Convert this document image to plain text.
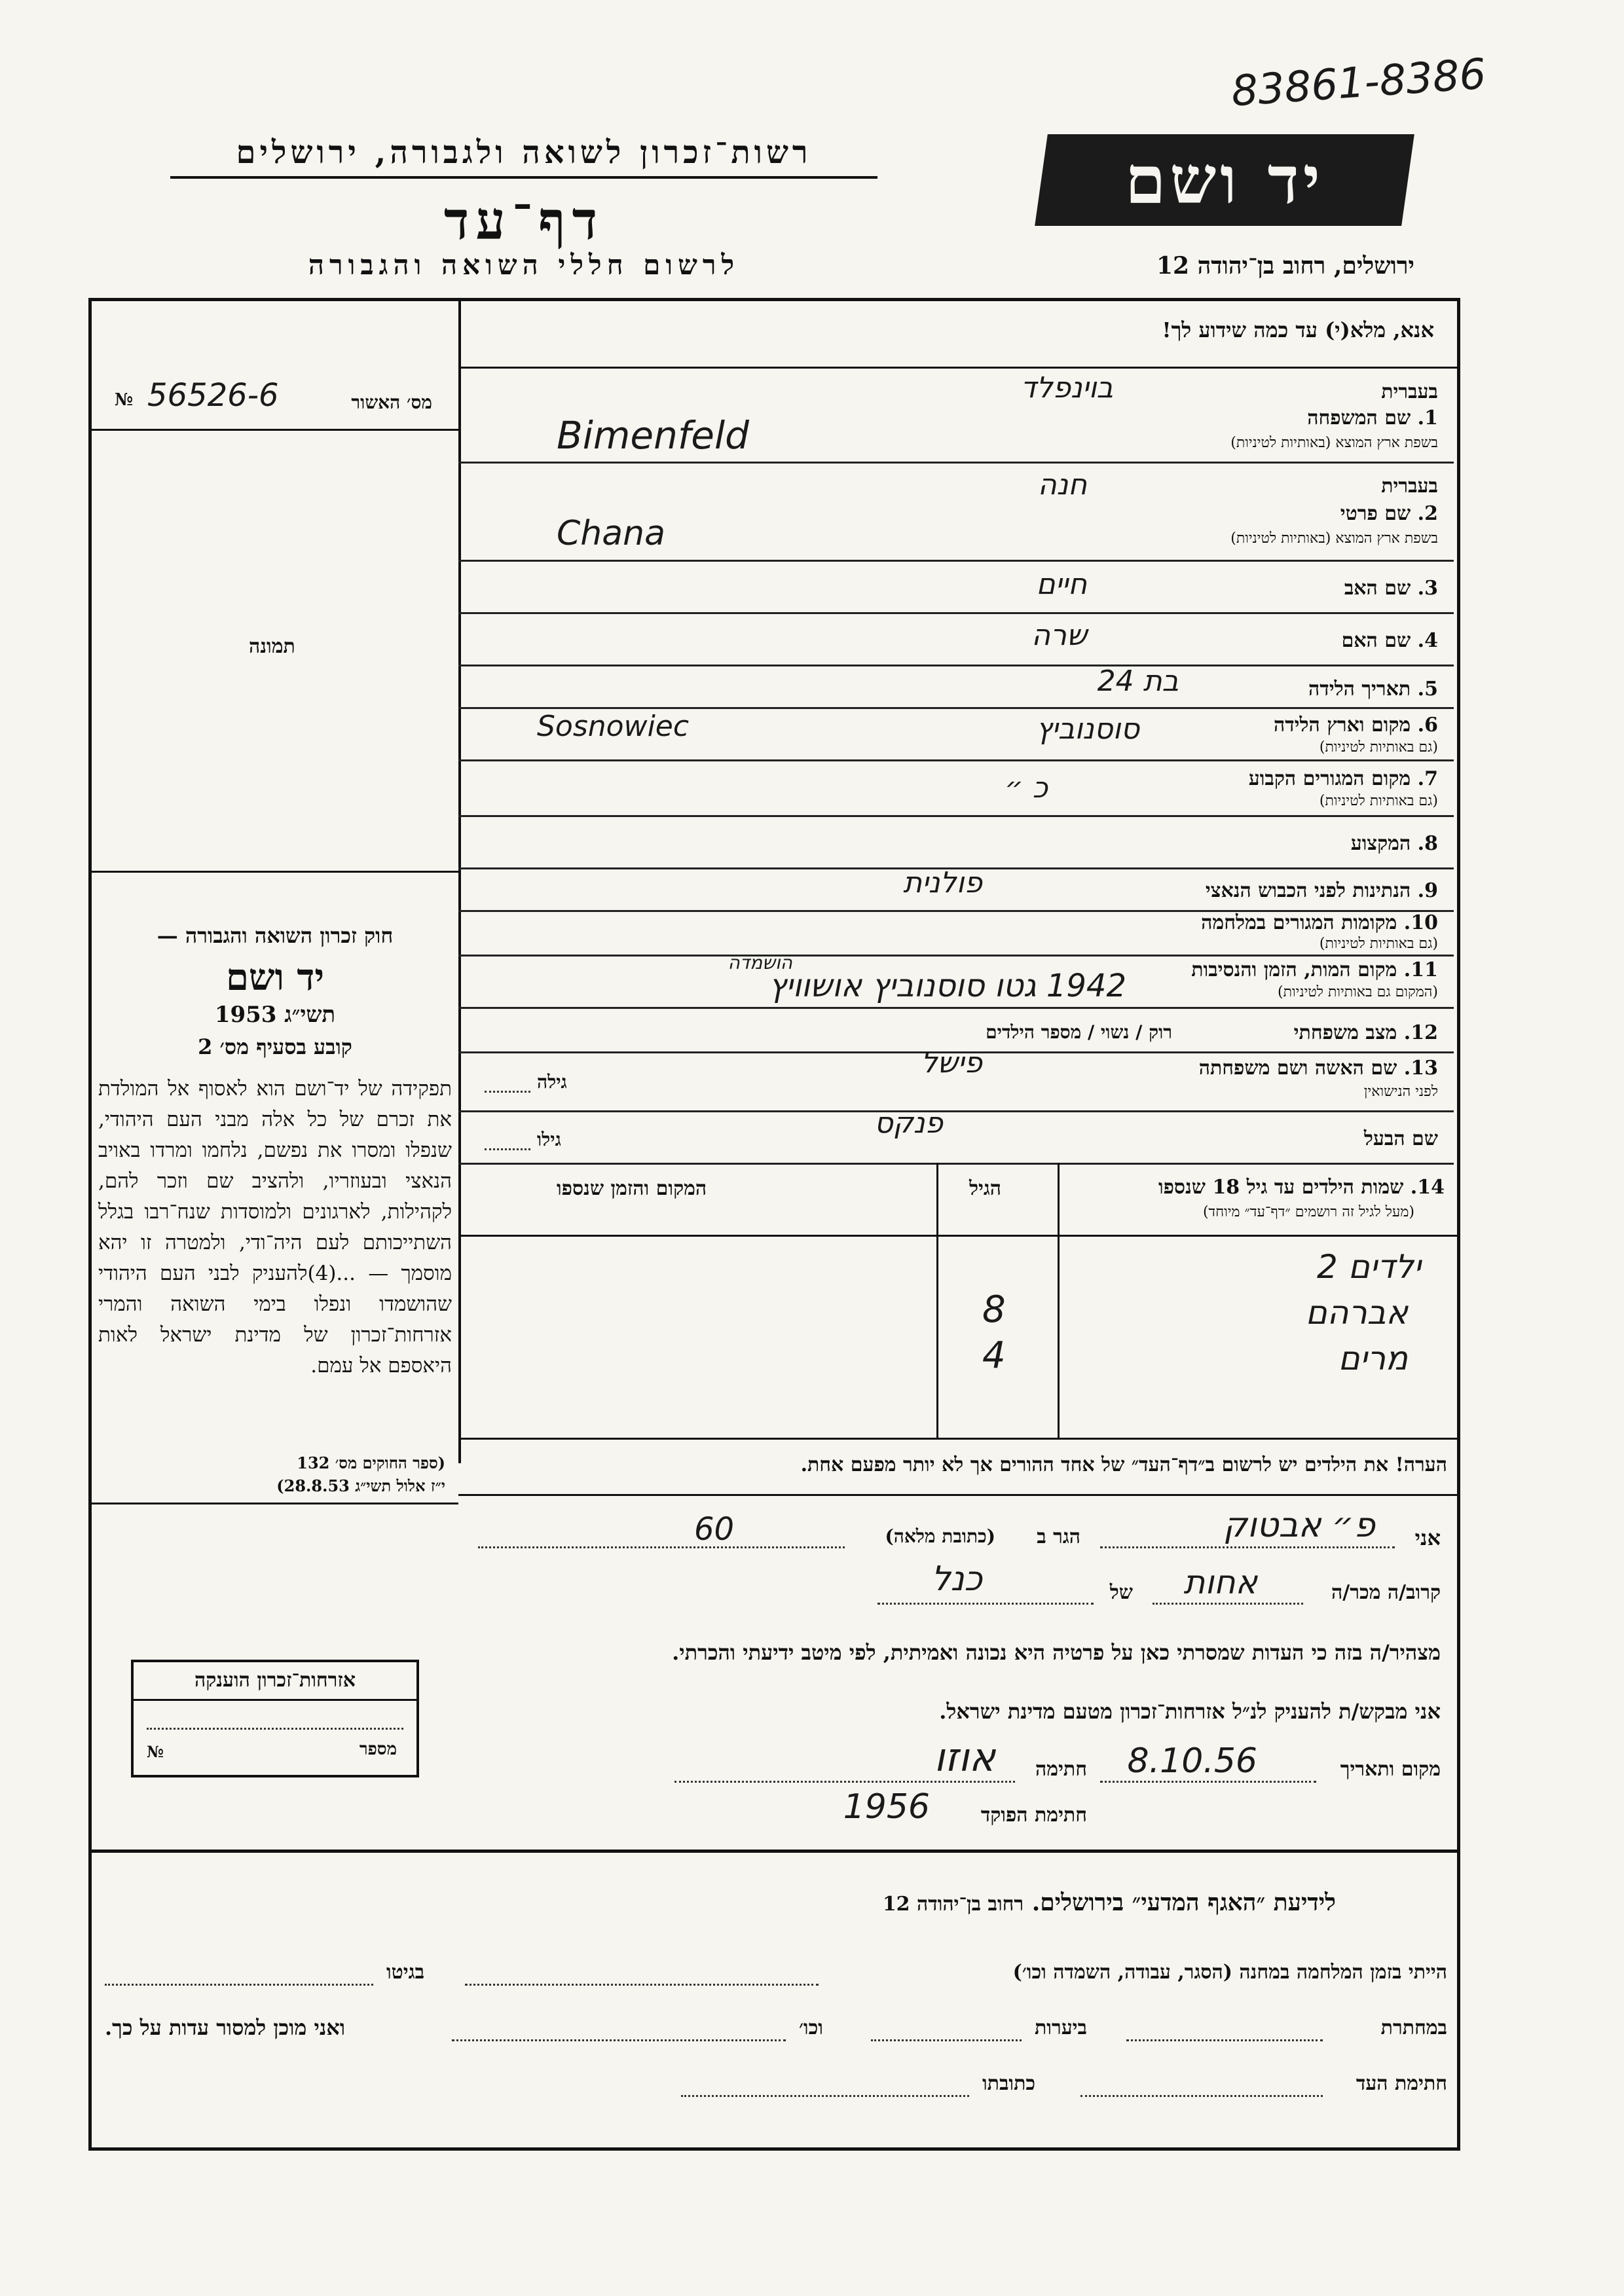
83861-8386
רשות־זכרון לשואה ולגבורה, ירושלים
דף־עד
לרשום חללי השואה והגבורה
יד ושם
ירושלים, רחוב בן־יהודה 12
אנא, מלא(י) עד כמה שידוע לך!
№ 56526-6	מס׳ האשור
תמונה
חוק זכרון השואה והגבורה —
יד ושם
תשי״ג 1953
קובע בסעיף מס׳ 2
תפקידה של יד־ושם הוא לאסוף אל המולדת את זכרם של כל אלה מבני העם היהודי, שנפלו ומסרו את נפשם, נלחמו ומרדו באויב הנאצי ובעוזריו, ולהציב שם וזכר להם, לקהילות, לארגונים ולמוסדות שנח־רבו בגלל השתייכותם לעם היה־ודי, ולמטרה זו יהא מוסמך — ...(4)להעניק לבני העם היהודי שהושמדו ונפלו בימי השואה והמרי אזרחות־זכרון של מדינת ישראל לאות היאספם אל עמם.
(ספר החוקים מס׳ 132
י״ז אלול תשי״ג 28.8.53)
1. שם המשפחה
בשפת ארץ המוצא (באותיות לטיניות)
בעברית
בוינפלד
Bimenfeld
2. שם פרטי
בשפת ארץ המוצא (באותיות לטיניות)
בעברית
חנה
Chana
3. שם האב
חיים
4. שם האם
שרה
5. תאריך הלידה
בת 24
6. מקום וארץ הלידה
(גם באותיות לטיניות)
סוסנוביץ
Sosnowiec
7. מקום המגורים הקבוע
(גם באותיות לטיניות)
כ ״
8. המקצוע
9. הנתינות לפני הכבוש הנאצי
פולנית
10. מקומות המגורים במלחמה
(גם באותיות לטיניות)
11. מקום המות, הזמן והנסיבות
(המקום גם באותיות לטיניות)
1942 גטו סוסנוביץ אושוויץ
הושמדה
12. מצב משפחתי
רוק / נשוי / מספר הילדים
13. שם האשה ושם משפחתה
לפני הנישואין
פישל
גילה
שם הבעל
פנקס
גילו
14. שמות הילדים עד גיל 18 שנספו
(מעל לגיל זה רושמים ״דף־עד״ מיוחד)
הגיל
המקום והזמן שנספו
ילדים 2
אברהם
8
מרים
4
הערה! את הילדים יש לרשום ב״דף־העד״ של אחד ההורים אך לא יותר מפעם אחת.
אני
פ״ אבטוק
הגר ב
(כתובת מלאה)
60
קרוב/ה מכר/ה
אחות
של
כנל
מצהיר/ה בזה כי העדות שמסרתי כאן על פרטיה היא נכונה ואמיתית, לפי מיטב ידיעתי והכרתי.
אני מבקש/ת להעניק לנ״ל אזרחות־זכרון מטעם מדינת ישראל.
מקום ותאריך
8.10.56
חתימה
אוזו
חתימת הפוקד
1956
אזרחות־זכרון הוענקה
№	מספר
לידיעת ״האגף המדעי״ בירושלים. רחוב בן־יהודה 12
הייתי בזמן המלחמה במחנה (הסגר, עבודה, השמדה וכו׳)
בגיטו
במחתרת
ביערות
וכו׳
ואני מוכן למסור עדות על כך.
חתימת העד
כתובתו
